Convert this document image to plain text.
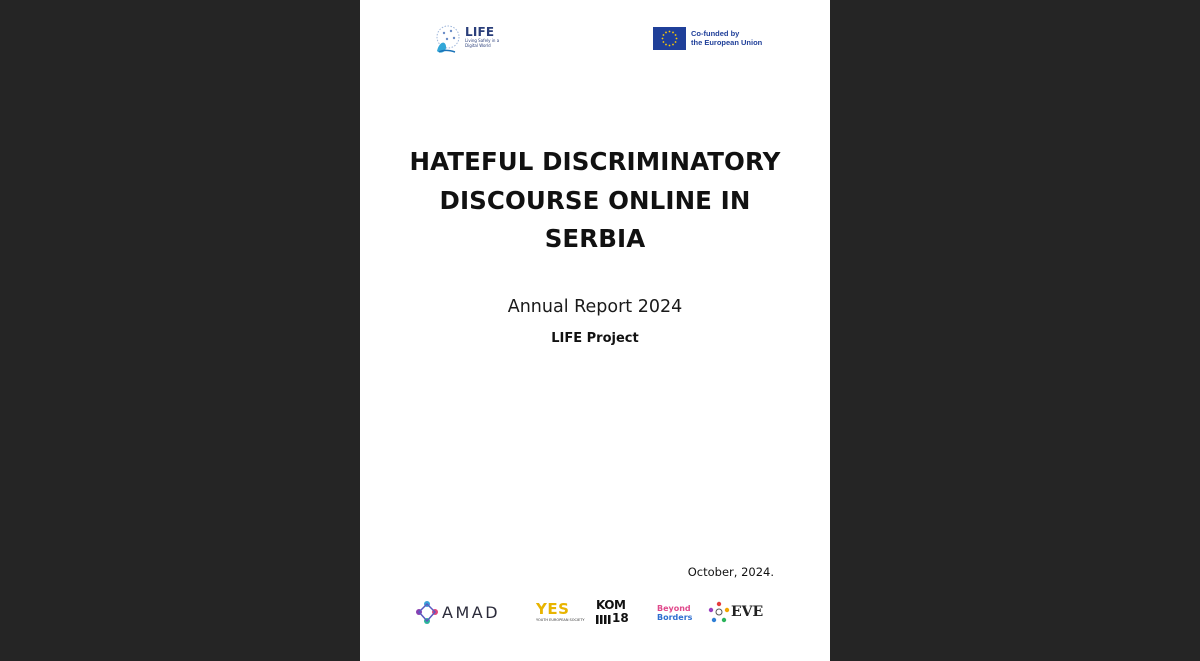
LIFE
Living Safely in a Digital World
Co-funded by
the European Union
HATEFUL DISCRIMINATORY
DISCOURSE ONLINE IN
SERBIA
Annual Report 2024
LIFE Project
October, 2024.
AMAD YES
YOUTH EUROPEAN SOCIETY
KOM
18
Beyond
Borders	EVE
